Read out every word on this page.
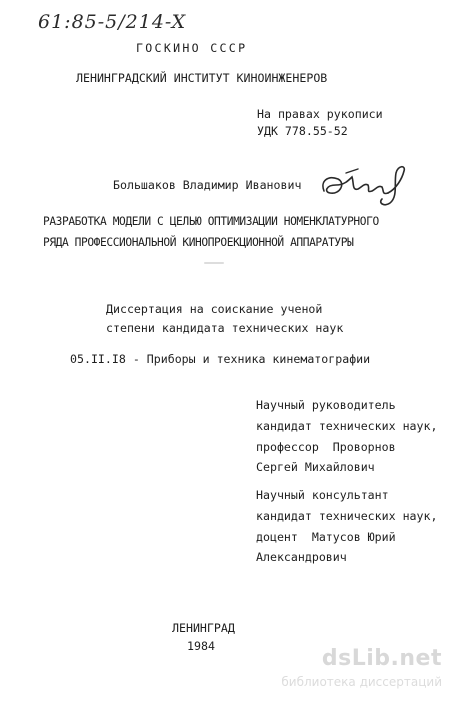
61:85-5/214-X
ГОСКИНО СССР
ЛЕНИНГРАДСКИЙ ИНСТИТУТ КИНОИНЖЕНЕРОВ
На правах рукописи
УДК 778.55-52
Большаков Владимир Иванович
РАЗРАБОТКА МОДЕЛИ С ЦЕЛЬЮ ОПТИМИЗАЦИИ НОМЕНКЛАТУРНОГО
РЯДА ПРОФЕССИОНАЛЬНОЙ КИНОПРОЕКЦИОННОЙ АППАРАТУРЫ
Диссертация на соискание ученой
степени кандидата технических наук
05.II.I8 - Приборы и техника кинематографии
Научный руководитель
кандидат технических наук,
профессор  Проворнов
Сергей Михайлович
Научный консультант
кандидат технических наук,
доцент  Матусов Юрий
Александрович
ЛЕНИНГРАД
1984	dsLib.net
библиотека диссертаций
